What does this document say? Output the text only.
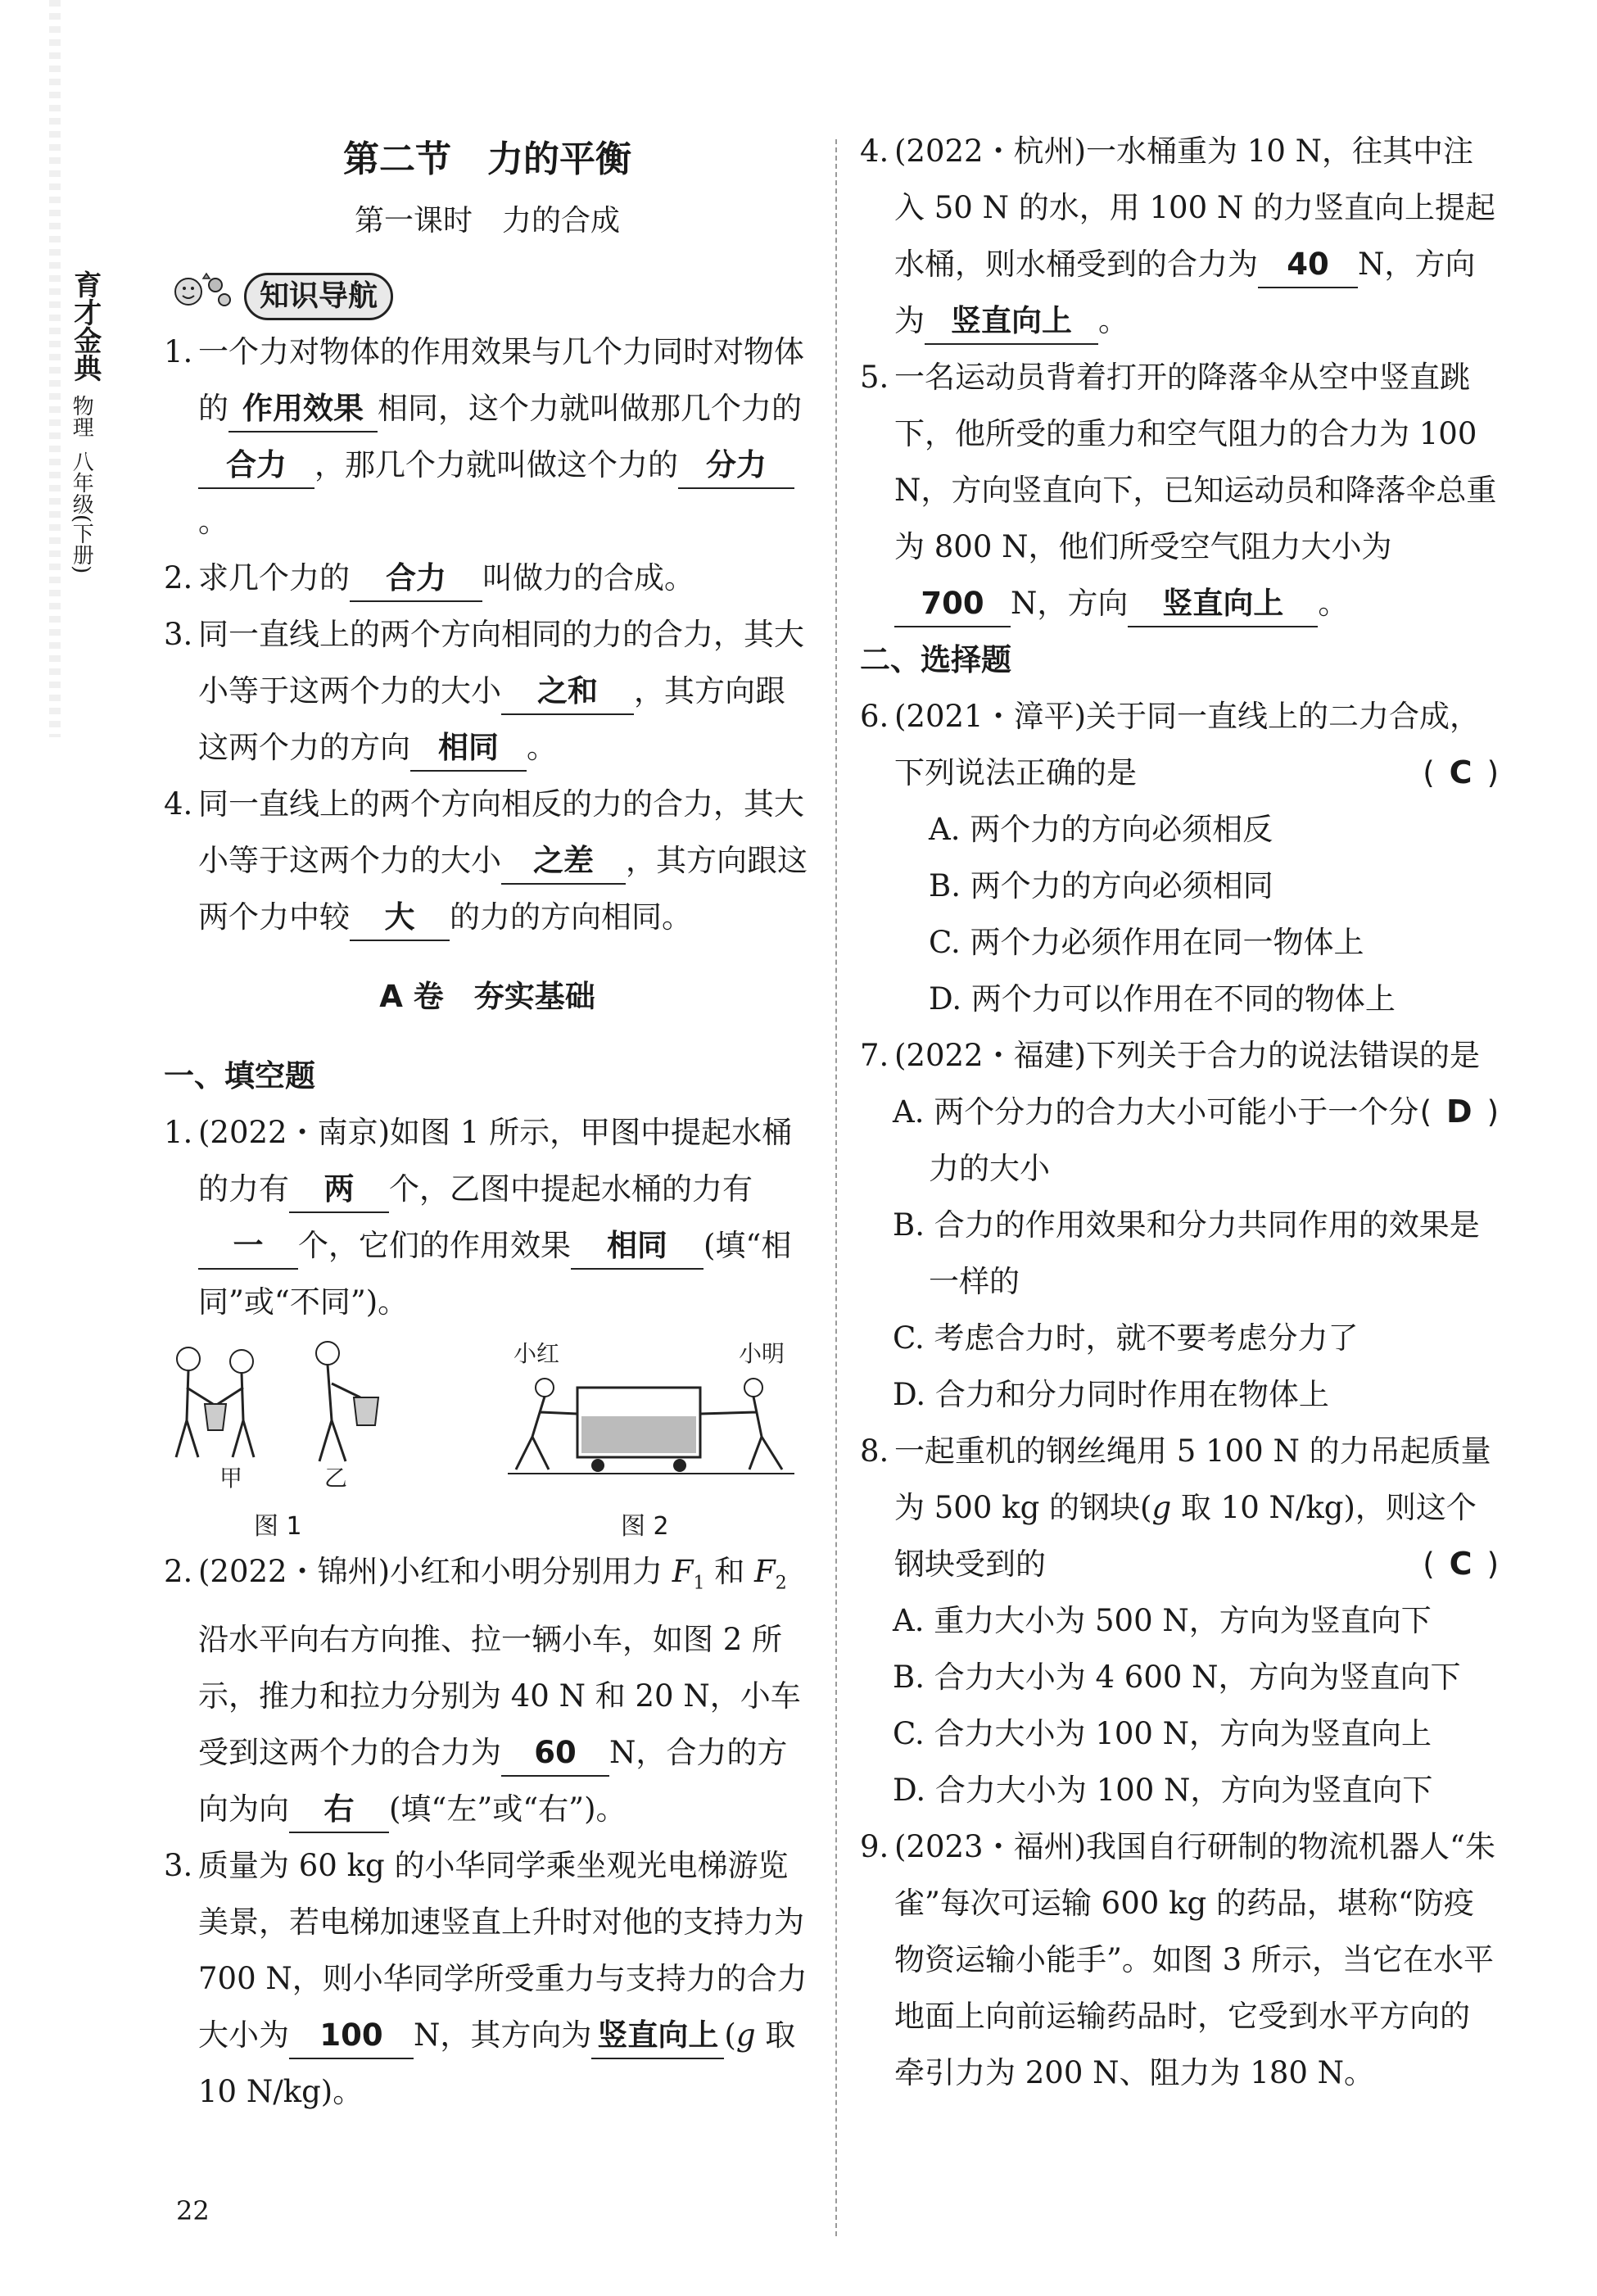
育才金典
物理
八年级(下册)
第二节　力的平衡
第一课时　力的合成
知识导航
1. 一个力对物体的作用效果与几个力同时对物体的 作用效果 相同，这个力就叫做那几个力的合力 ，那几个力就叫做这个力的 分力。
2. 求几个力的 合力 叫做力的合成。
3. 同一直线上的两个方向相同的力的合力，其大小等于这两个力的大小 之和 ，其方向跟这两个力的方向 相同 。
4. 同一直线上的两个方向相反的力的合力，其大小等于这两个力的大小 之差 ，其方向跟这两个力中较 大 的力的方向相同。
A 卷　夯实基础
一、填空题
1. (2022・南京)如图 1 所示，甲图中提起水桶的力有 两 个，乙图中提起水桶的力有一 个，它们的作用效果 相同 (填“相同”或“不同”)。
甲	乙
小红	小明
图 1	图 2
2. (2022・锦州)小红和小明分别用力 $F_1$ 和 $F_2$ 沿水平向右方向推、拉一辆小车，如图 2 所示，推力和拉力分别为 40 N 和 20 N，小车受到这两个力的合力为 60 N，合力的方向为向 右 (填“左”或“右”)。
3. 质量为 60 kg 的小华同学乘坐观光电梯游览美景，若电梯加速竖直上升时对他的支持力为 700 N，则小华同学所受重力与支持力的合力大小为 100 N，其方向为 竖直向上 (g 取 10 N/kg)。
4. (2022・杭州)一水桶重为 10 N，往其中注入 50 N 的水，用 100 N 的力竖直向上提起水桶，则水桶受到的合力为 40 N，方向为 竖直向上 。
5. 一名运动员背着打开的降落伞从空中竖直跳下，他所受的重力和空气阻力的合力为 100 N，方向竖直向下，已知运动员和降落伞总重为 800 N，他们所受空气阻力大小为
700 N，方向 竖直向上 。
二、选择题
6. (2021・漳平)关于同一直线上的二力合成，下列说法正确的是	( C )
A. 两个力的方向必须相反
B. 两个力的方向必须相同
C. 两个力必须作用在同一物体上
D. 两个力可以作用在不同的物体上
7. (2022・福建)下列关于合力的说法错误的是
( D )
A. 两个分力的合力大小可能小于一个分力的大小
B. 合力的作用效果和分力共同作用的效果是一样的
C. 考虑合力时，就不要考虑分力了
D. 合力和分力同时作用在物体上
8. 一起重机的钢丝绳用 5 100 N 的力吊起质量为 500 kg 的钢块(g 取 10 N/kg)，则这个钢块受到的	( C )
A. 重力大小为 500 N，方向为竖直向下
B. 合力大小为 4 600 N，方向为竖直向下
C. 合力大小为 100 N，方向为竖直向上
D. 合力大小为 100 N，方向为竖直向下
9. (2023・福州)我国自行研制的物流机器人“朱雀”每次可运输 600 kg 的药品，堪称“防疫物资运输小能手”。如图 3 所示，当它在水平地面上向前运输药品时，它受到水平方向的牵引力为 200 N、阻力为 180 N。
22
